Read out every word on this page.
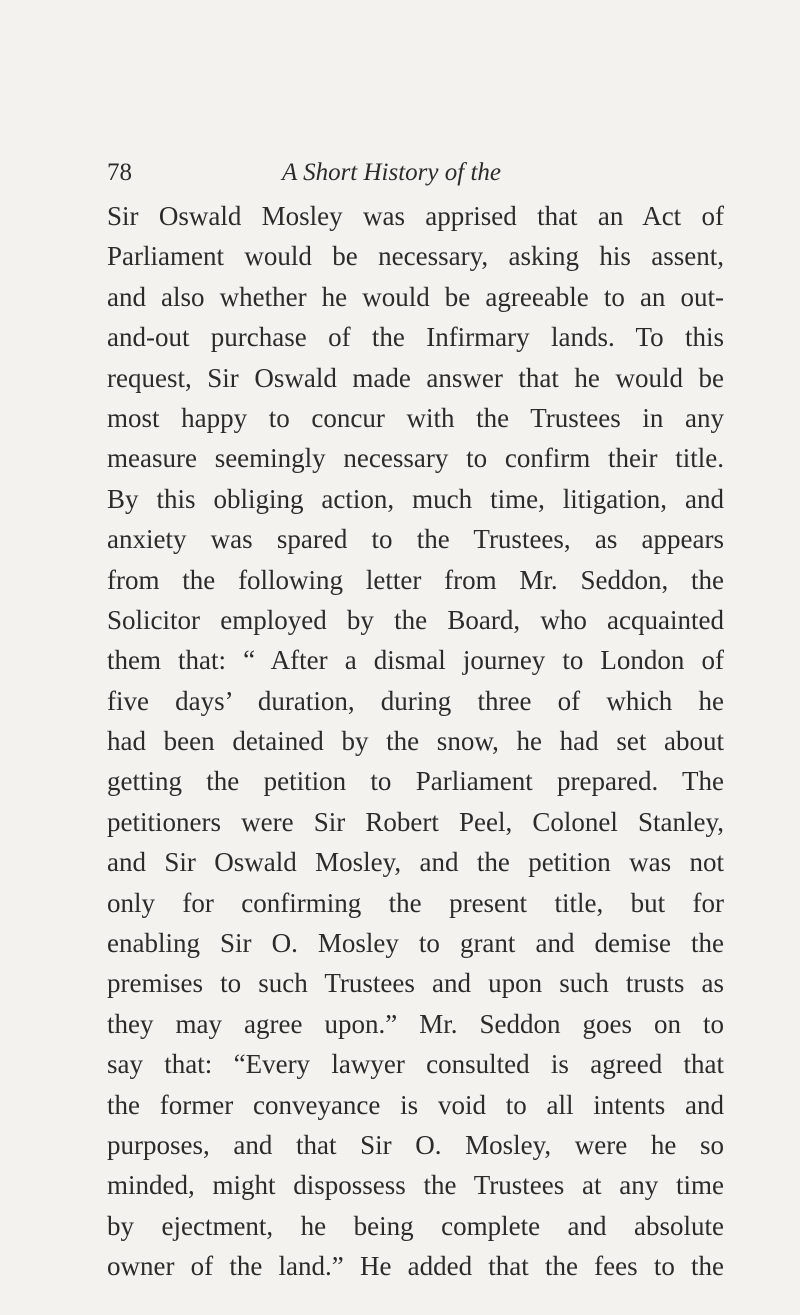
78	A Short History of the
Sir Oswald Mosley was apprised that an Act of
Parliament would be necessary, asking his assent,
and also whether he would be agreeable to an out-
and-out purchase of the Infirmary lands. To this
request, Sir Oswald made answer that he would be
most happy to concur with the Trustees in any
measure seemingly necessary to confirm their title.
By this obliging action, much time, litigation, and
anxiety was spared to the Trustees, as appears
from the following letter from Mr. Seddon, the
Solicitor employed by the Board, who acquainted
them that: “ After a dismal journey to London of
five days’ duration, during three of which he
had been detained by the snow, he had set about
getting the petition to Parliament prepared. The
petitioners were Sir Robert Peel, Colonel Stanley,
and Sir Oswald Mosley, and the petition was not
only for confirming the present title, but for
enabling Sir O. Mosley to grant and demise the
premises to such Trustees and upon such trusts as
they may agree upon.” Mr. Seddon goes on to
say that: “Every lawyer consulted is agreed that
the former conveyance is void to all intents and
purposes, and that Sir O. Mosley, were he so
minded, might dispossess the Trustees at any time
by ejectment, he being complete and absolute
owner of the land.” He added that the fees to the
